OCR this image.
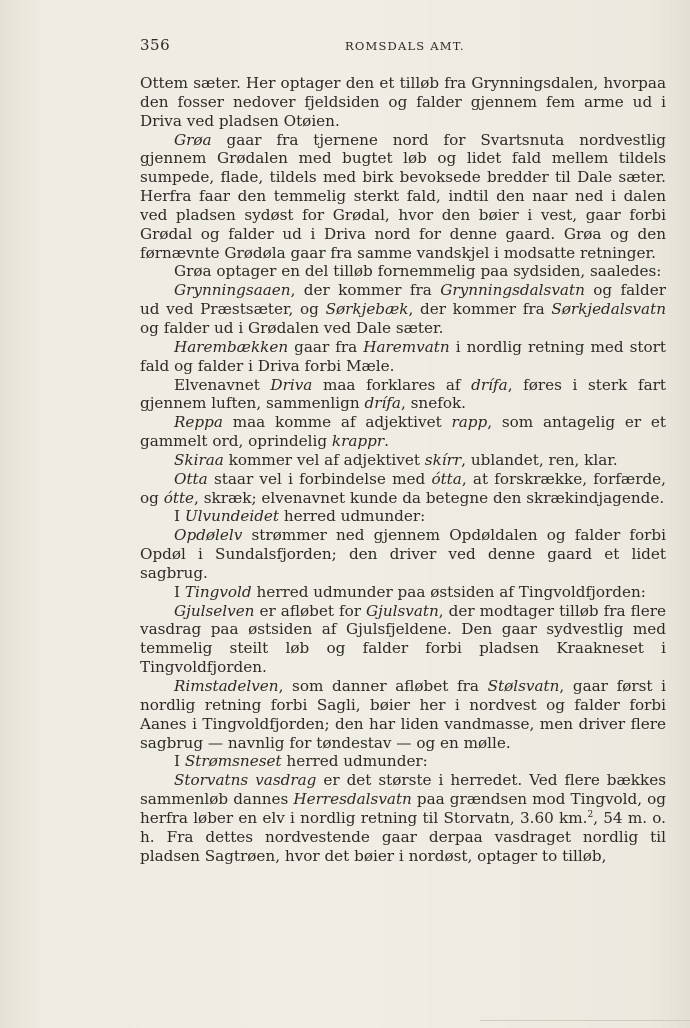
356	ROMSDALS AMT.

Ottem sæter. Her optager den et tilløb fra Grynningsdalen, hvorpaa den fosser nedover fjeldsiden og falder gjennem fem arme ud i Driva ved pladsen Otøien.

Grøa gaar fra tjernene nord for Svartsnuta nordvestlig gjennem Grødalen med bugtet løb og lidet fald mellem tildels sumpede, flade, tildels med birk bevoksede bredder til Dale sæter. Herfra faar den temmelig sterkt fald, indtil den naar ned i dalen ved pladsen sydøst for Grødal, hvor den bøier i vest, gaar forbi Grødal og falder ud i Driva nord for denne gaard. Grøa og den førnævnte Grødøla gaar fra samme vandskjel i modsatte retninger.

Grøa optager en del tilløb fornemmelig paa sydsiden, saaledes:

Grynningsaaen, der kommer fra Grynningsdalsvatn og falder ud ved Præstsæter, og Sørkjebæk, der kommer fra Sørkjedalsvatn og falder ud i Grødalen ved Dale sæter.

Harembækken gaar fra Haremvatn i nordlig retning med stort fald og falder i Driva forbi Mæle.

Elvenavnet Driva maa forklares af drífa, føres i sterk fart gjennem luften, sammenlign drífa, snefok.

Reppa maa komme af adjektivet rapp, som antagelig er et gammelt ord, oprindelig krappr.

Skiraa kommer vel af adjektivet skírr, ublandet, ren, klar.

Otta staar vel i forbindelse med ótta, at forskrække, forfærde, og ótte, skræk; elvenavnet kunde da betegne den skrækindjagende.

I Ulvundeidet herred udmunder:

Opdølelv strømmer ned gjennem Opdøldalen og falder forbi Opdøl i Sundalsfjorden; den driver ved denne gaard et lidet sagbrug.

I Tingvold herred udmunder paa østsiden af Tingvoldfjorden:

Gjulselven er afløbet for Gjulsvatn, der modtager tilløb fra flere vasdrag paa østsiden af Gjulsfjeldene. Den gaar sydvestlig med temmelig steilt løb og falder forbi pladsen Kraakneset i Tingvoldfjorden.

Rimstadelven, som danner afløbet fra Stølsvatn, gaar først i nordlig retning forbi Sagli, bøier her i nordvest og falder forbi Aanes i Tingvoldfjorden; den har liden vandmasse, men driver flere sagbrug — navnlig for tøndestav — og en mølle.

I Strømsneset herred udmunder:

Storvatns vasdrag er det største i herredet. Ved flere bækkes sammenløb dannes Herresdalsvatn paa grændsen mod Tingvold, og herfra løber en elv i nordlig retning til Storvatn, 3.60 km.$^2$, 54 m. o. h. Fra dettes nordvestende gaar derpaa vasdraget nordlig til pladsen Sagtrøen, hvor det bøier i nordøst, optager to tilløb,
